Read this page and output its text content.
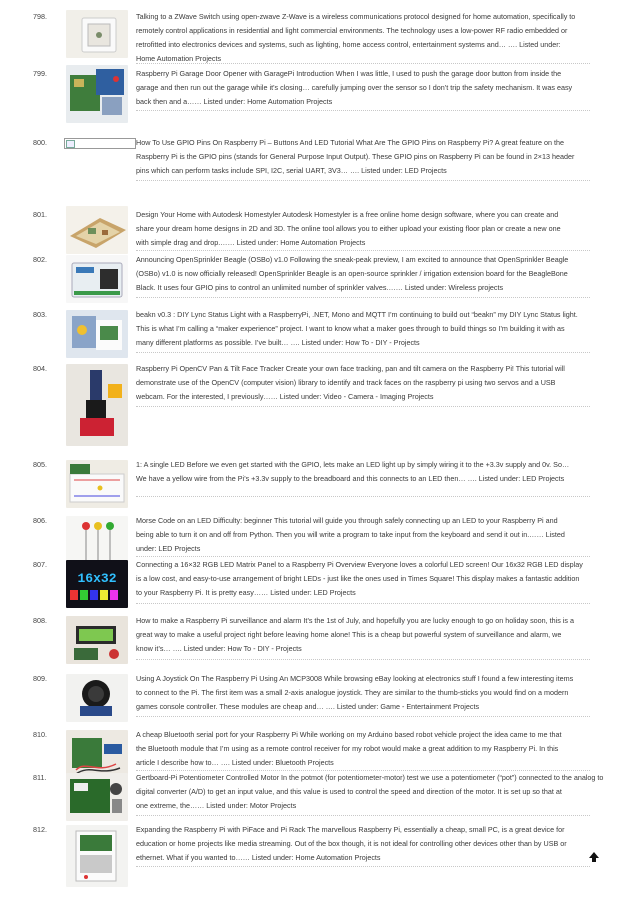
798.	Talking to a ZWave Switch using open-zwave Z-Wave is a wireless communications protocol designed for home automation, specifically to
remotely control applications in residential and light commercial environments. The technology uses a low-power RF radio embedded or
retrofitted into electronics devices and systems, such as lighting, home access control, entertainment systems and… …. Listed under:
Home Automation Projects
799.	Raspberry Pi Garage Door Opener with GaragePi Introduction When I was little, I used to push the garage door button from inside the
garage and then run out the garage while it’s closing… carefully jumping over the sensor so I don’t trip the safety mechanism. It was easy
back then and a…… Listed under: Home Automation Projects
800.	How To Use GPIO Pins On Raspberry Pi – Buttons And LED Tutorial What Are The GPIO Pins on Raspberry Pi? A great feature on the
Raspberry Pi is the GPIO pins (stands for General Purpose Input Output). These GPIO pins on Raspberry Pi can be found in 2×13 header
pins which can perform tasks include SPI, I2C, serial UART, 3V3… …. Listed under: LED Projects
801.	Design Your Home with Autodesk Homestyler Autodesk Homestyler is a free online home design software, where you can create and
share your dream home designs in 2D and 3D. The online tool allows you to either upload your existing floor plan or create a new one
with simple drag and drop.…… Listed under: Home Automation Projects
802.	Announcing OpenSprinkler Beagle (OSBo) v1.0 Following the sneak-peak preview, I am excited to announce that OpenSprinkler Beagle
(OSBo) v1.0 is now officially released! OpenSprinkler Beagle is an open-source sprinkler / irrigation extension board for the BeagleBone
Black. It uses four GPIO pins to control an unlimited number of sprinkler valves.…… Listed under: Wireless projects
803.	beakn v0.3 : DIY Lync Status Light with a RaspberryPi, .NET, Mono and MQTT I’m continuing to build out “beakn” my DIY Lync Status light.
This is what I’m calling a “maker experience” project. I want to know what a maker goes through to build things so I’m building it with as
many different platforms as possible. I’ve built… …. Listed under: How To - DIY - Projects
804.	Raspberry Pi OpenCV Pan & Tilt Face Tracker Create your own face tracking, pan and tilt camera on the Raspberry Pi! This tutorial will
demonstrate use of the OpenCV (computer vision) library to identify and track faces on the raspberry pi using two servos and a USB
webcam. For the interested, I previously…… Listed under: Video - Camera - Imaging Projects
805.	1: A single LED Before we even get started with the GPIO, lets make an LED light up by simply wiring it to the +3.3v supply and 0v. So…
We have a yellow wire from the Pi’s +3.3v supply to the breadboard and this connects to an LED then… …. Listed under: LED Projects
806.	Morse Code on an LED Difficulty: beginner This tutorial will guide you through safely connecting up an LED to your Raspberry Pi and
being able to turn it on and off from Python. Then you will write a program to take input from the keyboard and send it out in.…… Listed
under: LED Projects
807.
16x32
Connecting a 16×32 RGB LED Matrix Panel to a Raspberry Pi Overview Everyone loves a colorful LED screen! Our 16x32 RGB LED display
is a low cost, and easy-to-use arrangement of bright LEDs - just like the ones used in Times Square! This display makes a fantastic addition
to your Raspberry Pi. It is pretty easy…… Listed under: LED Projects
808.	How to make a Raspberry Pi surveillance and alarm It’s the 1st of July, and hopefully you are lucky enough to go on holiday soon, this is a
great way to make a useful project right before leaving home alone! This is a cheap but powerful system of surveillance and alarm, we
know it’s… …. Listed under: How To - DIY - Projects
809.	Using A Joystick On The Raspberry Pi Using An MCP3008 While browsing eBay looking at electronics stuff I found a few interesting items
to connect to the Pi. The first item was a small 2-axis analogue joystick. They are similar to the thumb-sticks you would find on a modern
games console controller. These modules are cheap and… …. Listed under: Game - Entertainment Projects
810.	A cheap Bluetooth serial port for your Raspberry Pi While working on my Arduino based robot vehicle project the idea came to me that
the Bluetooth module that I’m using as a remote control receiver for my robot would make a great addition to my Raspberry Pi. In this
article I describe how to… …. Listed under: Bluetooth Projects
811.	Gertboard-Pi Potentiometer Controlled Motor In the potmot (for potentiometer-motor) test we use a potentiometer (“pot”) connected to the analog to
digital converter (A/D) to get an input value, and this value is used to control the speed and direction of the motor. It is set up so that at
one extreme, the…… Listed under: Motor Projects
812.	Expanding the Raspberry Pi with PiFace and Pi Rack The marvellous Raspberry Pi, essentially a cheap, small PC, is a great device for
education or home projects like media streaming. Out of the box though, it is not ideal for controlling other devices other than by USB or
ethernet. What if you wanted to…… Listed under: Home Automation Projects
